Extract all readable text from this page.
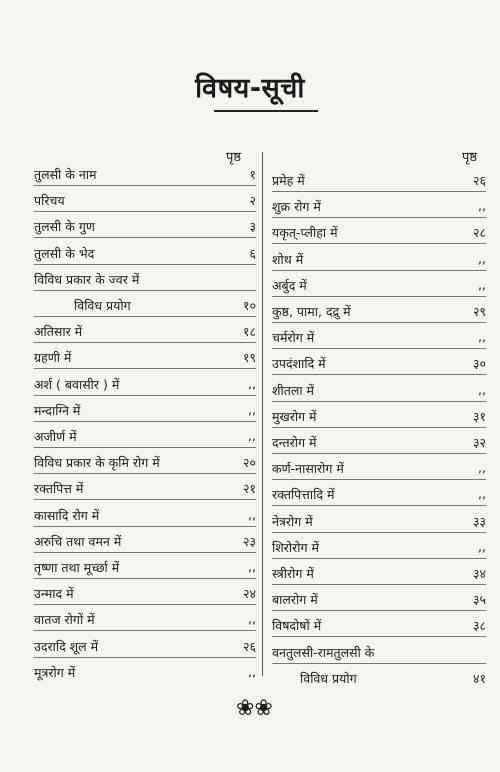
विषय-सूची
पृष्ठ	पृष्ठ
तुलसी के नाम	१
परिचय	२
तुलसी के गुण	३
तुलसी के भेद	६
विविध प्रकार के ज्वर में
विविध प्रयोग	१०
अतिसार में	१८
ग्रहणी में	१९
अर्श ( बवासीर ) में	,,
मन्दाग्नि में	,,
अजीर्ण में	,,
विविध प्रकार के कृमि रोग में	२०
रक्तपित्त में	२१
कासादि रोग में	,,
अरुचि तथा वमन में	२३
तृष्णा तथा मूर्च्छा में	,,
उन्माद में	२४
वातज रोगों में	,,
उदरादि शूल में	२६
मूत्ररोग में	,,
प्रमेह में	२६
शुक्र रोग में	,,
यकृत्-प्लीहा में	२८
शोथ में	,,
अर्बुद में	,,
कुष्ठ, पामा, दद्रु में	२९
चर्मरोग में	,,
उपदंशादि में	३०
शीतला में	,,
मुखरोग में	३१
दन्तरोग में	३२
कर्ण-नासारोग में	,,
रक्तपित्तादि में	,,
नेत्ररोग में	३३
शिरोरोग में	,,
स्त्रीरोग में	३४
बालरोग में	३५
विषदोषों में	३८
वनतुलसी-रामतुलसी के
विविध प्रयोग	४१
❀❀
